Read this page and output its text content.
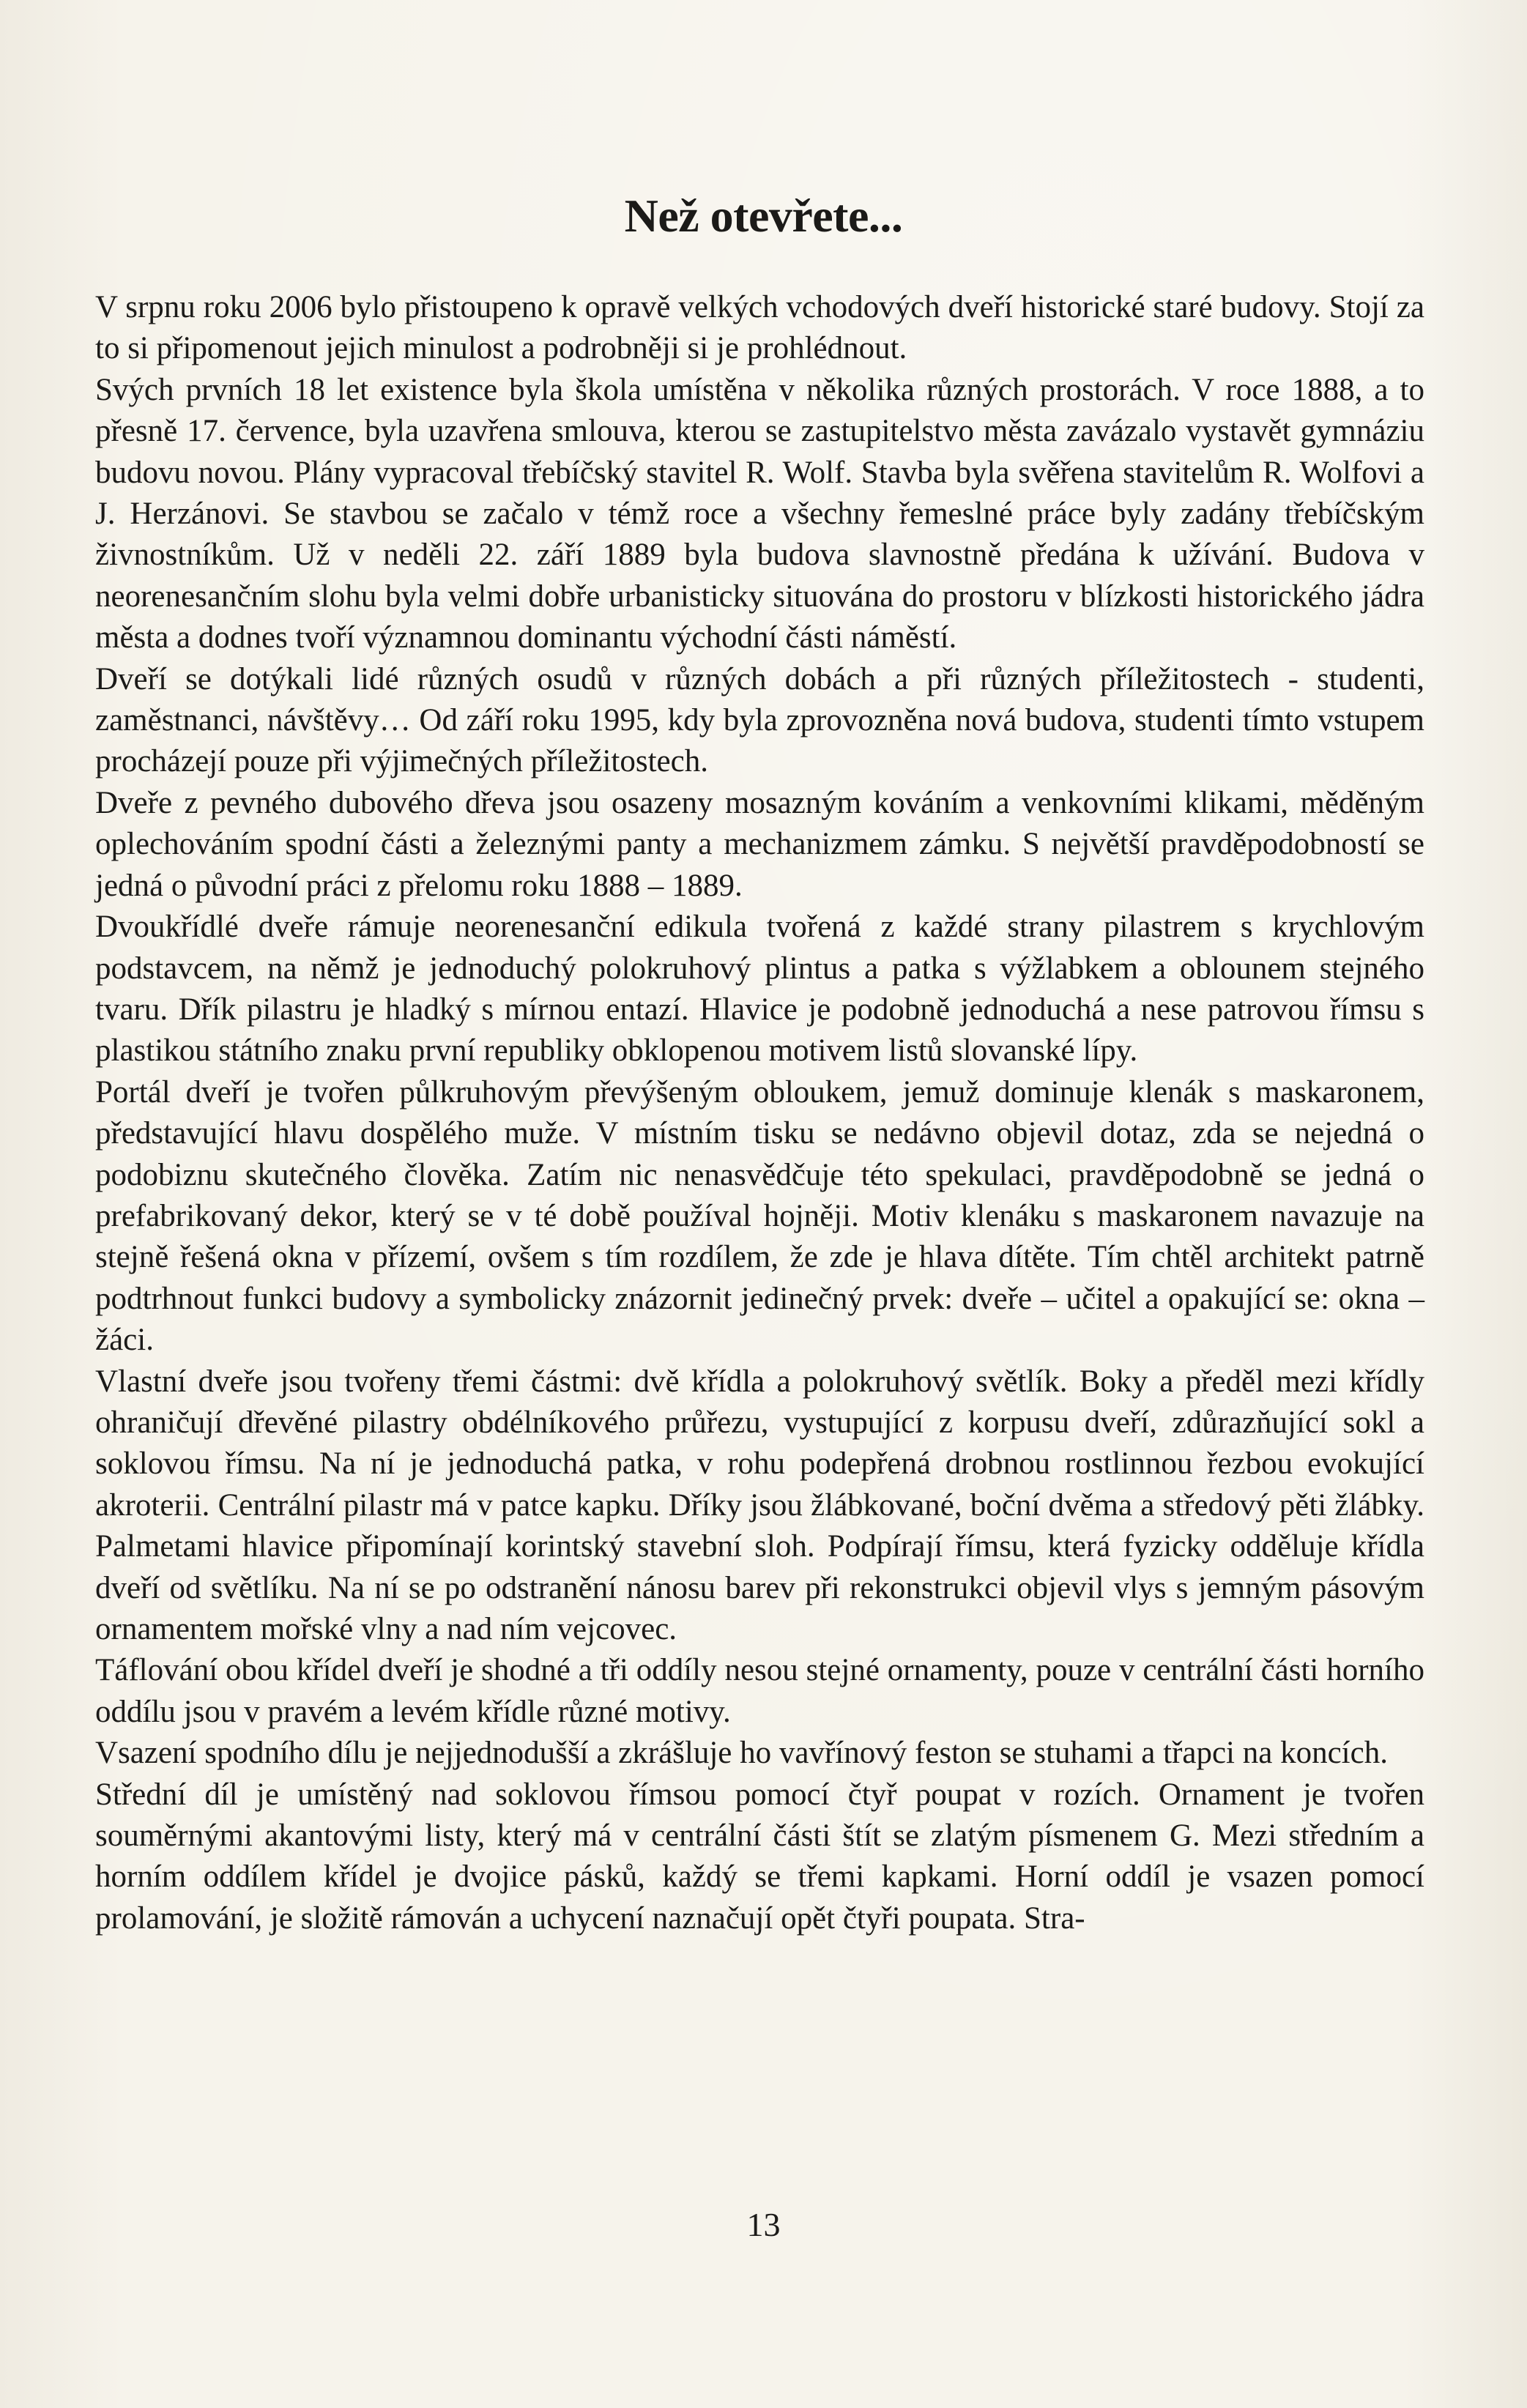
Než otevřete...

V srpnu roku 2006 bylo přistoupeno k opravě velkých vchodových dveří historické staré budovy. Stojí za to si připomenout jejich minulost a podrobněji si je prohlédnout.

Svých prvních 18 let existence byla škola umístěna v několika různých prostorách. V roce 1888, a to přesně 17. července, byla uzavřena smlouva, kterou se zastupitelstvo města zavázalo vystavět gymnáziu budovu novou. Plány vypracoval třebíčský stavitel R. Wolf. Stavba byla svěřena stavitelům R. Wolfovi a J. Herzánovi. Se stavbou se začalo v témž roce a všechny řemeslné práce byly zadány třebíčským živnostníkům. Už v neděli 22. září 1889 byla budova slavnostně předána k užívání. Budova v neorenesančním slohu byla velmi dobře urbanisticky situována do prostoru v blízkosti historického jádra města a dodnes tvoří významnou dominantu východní části náměstí.

Dveří se dotýkali lidé různých osudů v různých dobách a při různých příležitostech - studenti, zaměstnanci, návštěvy… Od září roku 1995, kdy byla zprovozněna nová budova, studenti tímto vstupem procházejí pouze při výjimečných příležitostech.

Dveře z pevného dubového dřeva jsou osazeny mosazným kováním a venkovními klikami, měděným oplechováním spodní části a železnými panty a mechanizmem zámku. S největší pravděpodobností se jedná o původní práci z přelomu roku 1888 – 1889.

Dvoukřídlé dveře rámuje neorenesanční edikula tvořená z každé strany pilastrem s krychlovým podstavcem, na němž je jednoduchý polokruhový plintus a patka s výžlabkem a oblounem stejného tvaru. Dřík pilastru je hladký s mírnou entazí. Hlavice je podobně jednoduchá a nese patrovou římsu s plastikou státního znaku první republiky obklopenou motivem listů slovanské lípy.

Portál dveří je tvořen půlkruhovým převýšeným obloukem, jemuž dominuje klenák s maskaronem, představující hlavu dospělého muže. V místním tisku se nedávno objevil dotaz, zda se nejedná o podobiznu skutečného člověka. Zatím nic nenasvědčuje této spekulaci, pravděpodobně se jedná o prefabrikovaný dekor, který se v té době používal hojněji. Motiv klenáku s maskaronem navazuje na stejně řešená okna v přízemí, ovšem s tím rozdílem, že zde je hlava dítěte. Tím chtěl architekt patrně podtrhnout funkci budovy a symbolicky znázornit jedinečný prvek: dveře – učitel a opakující se: okna – žáci.

Vlastní dveře jsou tvořeny třemi částmi: dvě křídla a polokruhový světlík. Boky a předěl mezi křídly ohraničují dřevěné pilastry obdélníkového průřezu, vystupující z korpusu dveří, zdůrazňující sokl a soklovou římsu. Na ní je jednoduchá patka, v rohu podepřená drobnou rostlinnou řezbou evokující akroterii. Centrální pilastr má v patce kapku. Dříky jsou žlábkované, boční dvěma a středový pěti žlábky. Palmetami hlavice připomínají korintský stavební sloh. Podpírají římsu, která fyzicky odděluje křídla dveří od světlíku. Na ní se po odstranění nánosu barev při rekonstrukci objevil vlys s jemným pásovým ornamentem mořské vlny a nad ním vejcovec.

Táflování obou křídel dveří je shodné a tři oddíly nesou stejné ornamenty, pouze v centrální části horního oddílu jsou v pravém a levém křídle různé motivy.

Vsazení spodního dílu je nejjednodušší a zkrášluje ho vavřínový feston se stuhami a třapci na koncích.

Střední díl je umístěný nad soklovou římsou pomocí čtyř poupat v rozích. Ornament je tvořen souměrnými akantovými listy, který má v centrální části štít se zlatým písmenem G. Mezi středním a horním oddílem křídel je dvojice pásků, každý se třemi kapkami. Horní oddíl je vsazen pomocí prolamování, je složitě rámován a uchycení naznačují opět čtyři poupata. Stra-

13
